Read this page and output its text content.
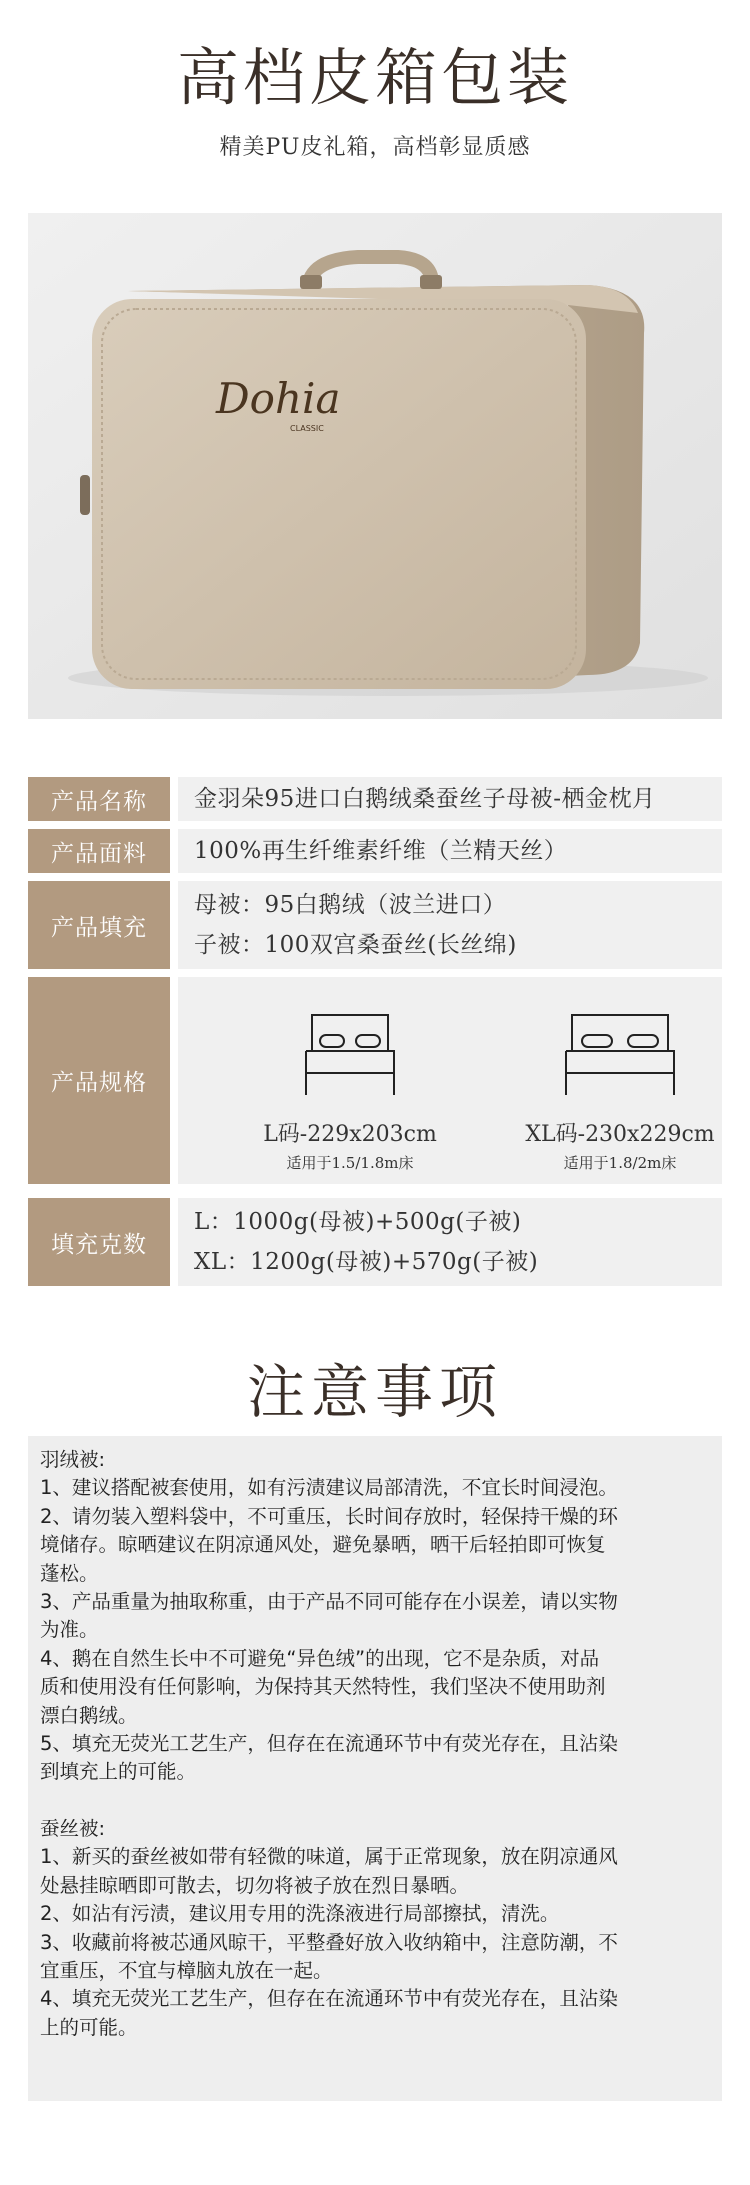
高档皮箱包装
精美PU皮礼箱，高档彰显质感
Dohia
CLASSIC
产品名称	金羽朵95进口白鹅绒桑蚕丝子母被-栖金枕月
产品面料	100%再生纤维素纤维（兰精天丝）
产品填充
母被：95白鹅绒（波兰进口）
子被：100双宫桑蚕丝(长丝绵)
产品规格
L码-229x203cm
适用于1.5/1.8m床
XL码-230x229cm
适用于1.8/2m床
填充克数
L：1000g(母被)+500g(子被)
XL：1200g(母被)+570g(子被)
注意事项

羽绒被:

1、建议搭配被套使用，如有污渍建议局部清洗，不宜长时间浸泡。

2、请勿装入塑料袋中，不可重压，长时间存放时，轻保持干燥的环

境储存。晾晒建议在阴凉通风处，避免暴晒，晒干后轻拍即可恢复

蓬松。

3、产品重量为抽取称重，由于产品不同可能存在小误差，请以实物

为准。

4、鹅在自然生长中不可避免“异色绒”的出现，它不是杂质，对品

质和使用没有任何影响，为保持其天然特性，我们坚决不使用助剂

漂白鹅绒。

5、填充无荧光工艺生产，但存在在流通环节中有荧光存在，且沾染

到填充上的可能。

蚕丝被:

1、新买的蚕丝被如带有轻微的味道，属于正常现象，放在阴凉通风

处悬挂晾晒即可散去，切勿将被子放在烈日暴晒。

2、如沾有污渍，建议用专用的洗涤液进行局部擦拭，清洗。

3、收藏前将被芯通风晾干，平整叠好放入收纳箱中，注意防潮，不

宜重压，不宜与樟脑丸放在一起。

4、填充无荧光工艺生产，但存在在流通环节中有荧光存在，且沾染

上的可能。
